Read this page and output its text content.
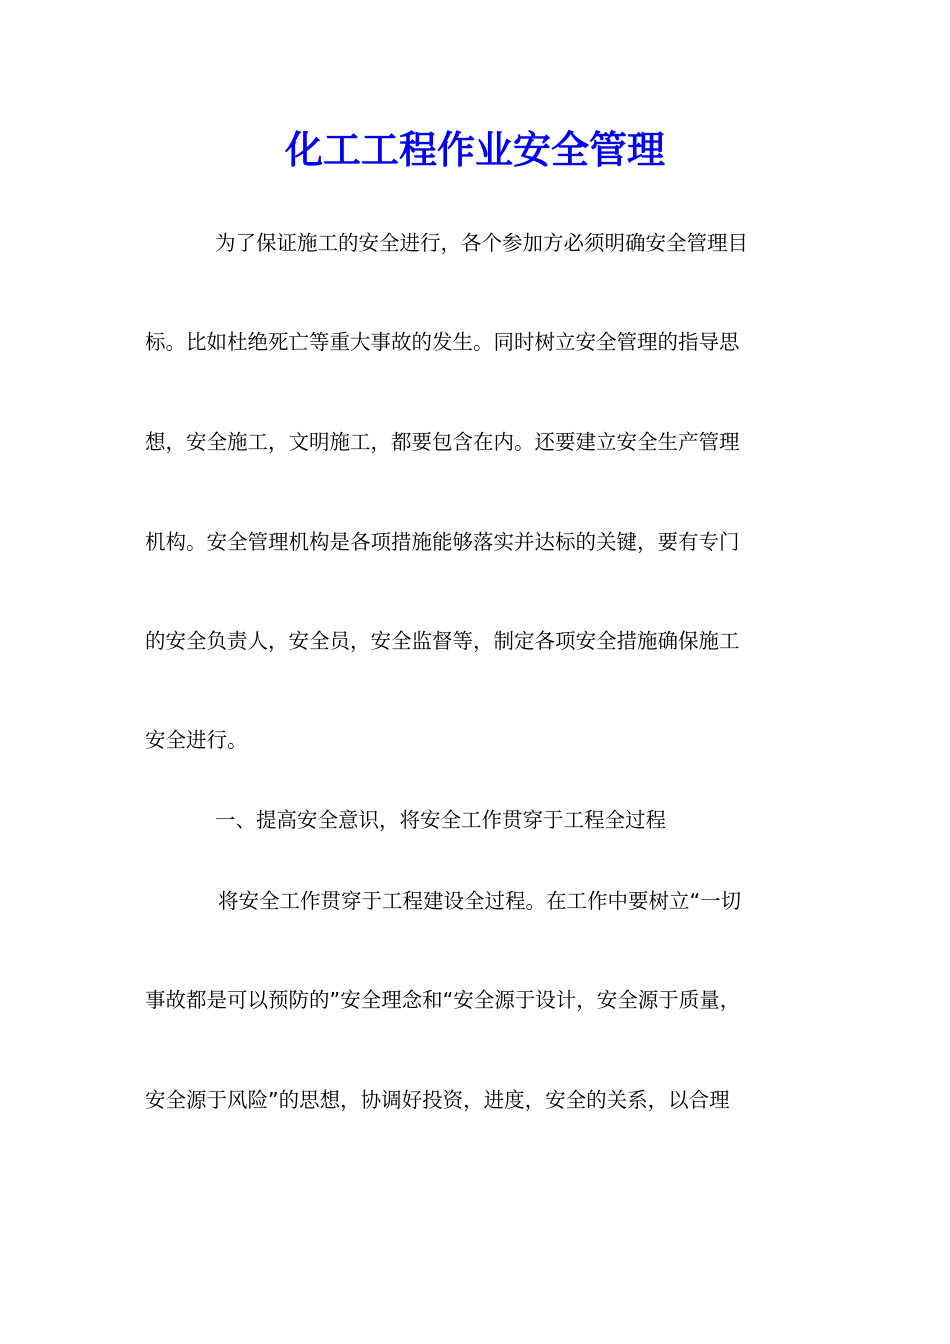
化工工程作业安全管理
为了保证施工的安全进行，各个参加方必须明确安全管理目
标。比如杜绝死亡等重大事故的发生。同时树立安全管理的指导思
想，安全施工，文明施工，都要包含在内。还要建立安全生产管理
机构。安全管理机构是各项措施能够落实并达标的关键，要有专门
的安全负责人，安全员，安全监督等，制定各项安全措施确保施工
安全进行。
一、提高安全意识，将安全工作贯穿于工程全过程
将安全工作贯穿于工程建设全过程。在工作中要树立“一切
事故都是可以预防的”安全理念和“安全源于设计，安全源于质量，
安全源于风险”的思想，协调好投资，进度，安全的关系，以合理
